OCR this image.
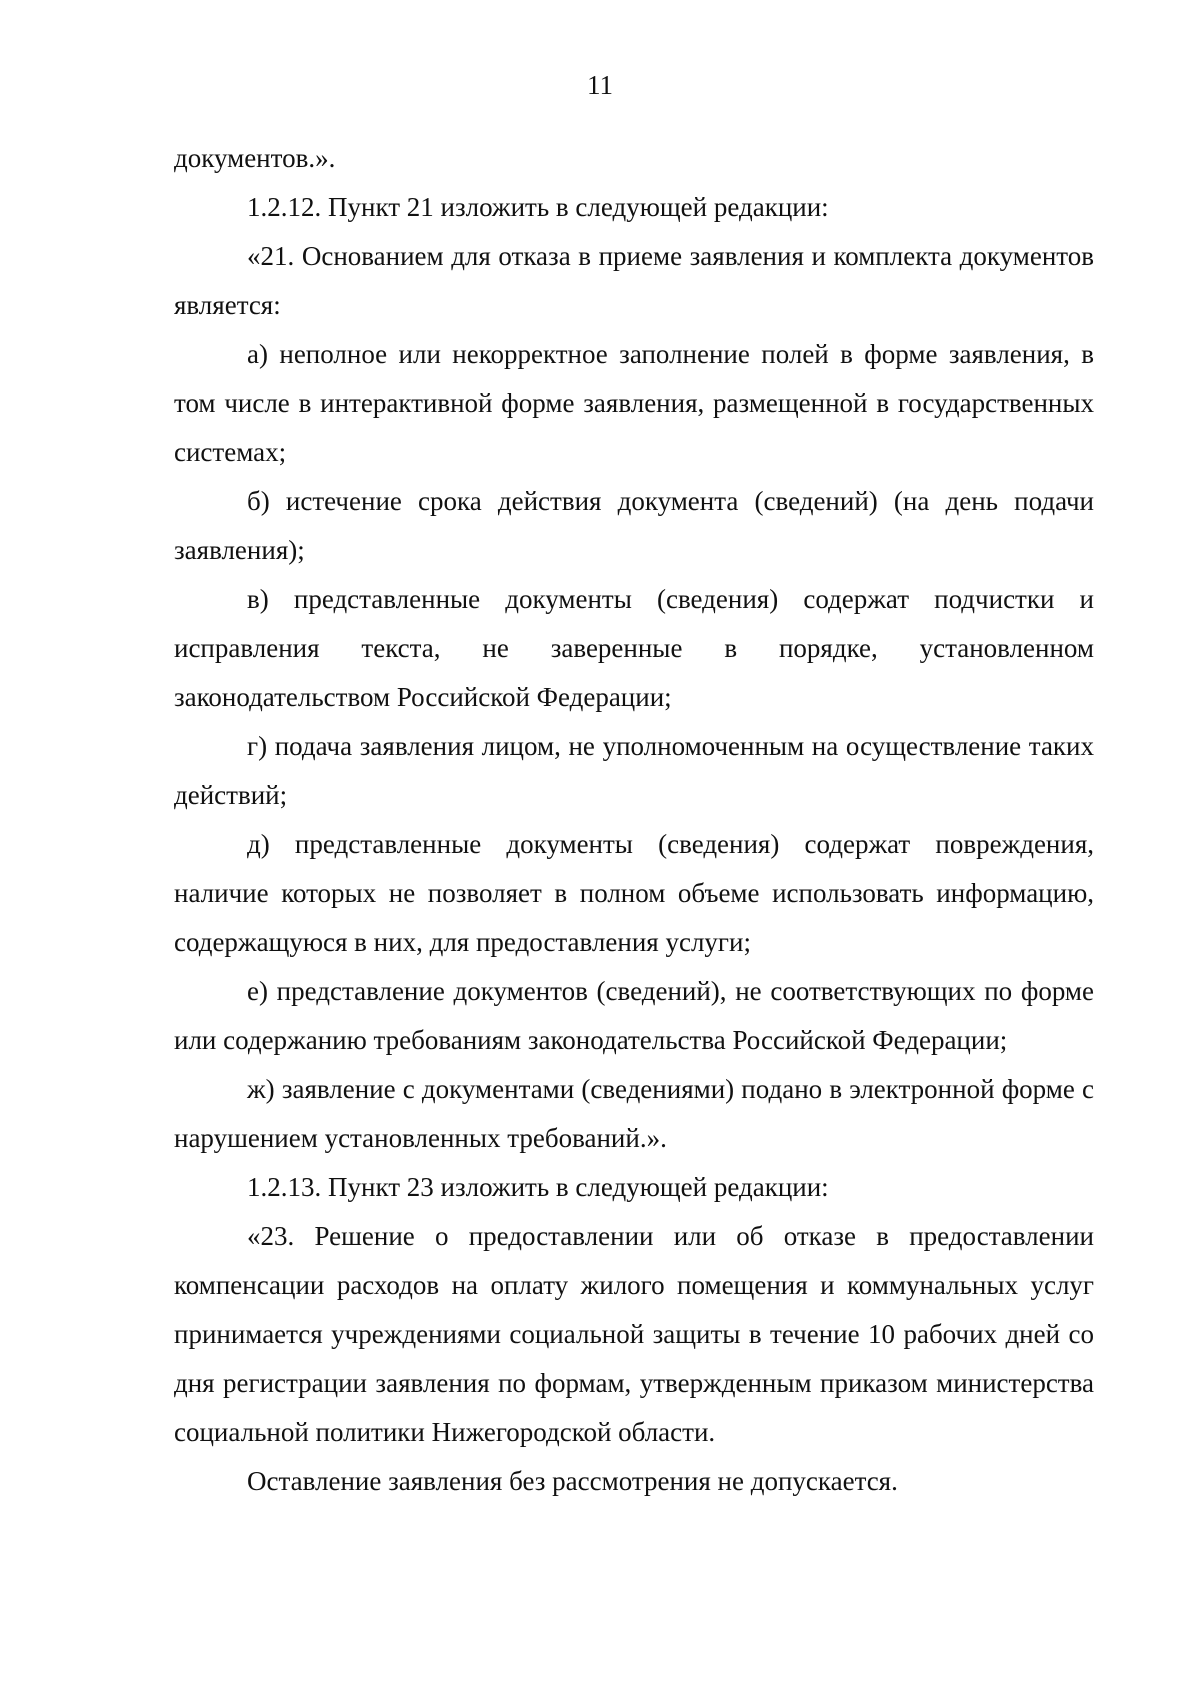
11

документов.».

1.2.12. Пункт 21 изложить в следующей редакции:

«21. Основанием для отказа в приеме заявления и комплекта документов является:

а) неполное или некорректное заполнение полей в форме заявления, в том числе в интерактивной форме заявления, размещенной в государственных системах;

б) истечение срока действия документа (сведений) (на день подачи заявления);

в) представленные документы (сведения) содержат подчистки и исправления текста, не заверенные в порядке, установленном законодательством Российской Федерации;

г) подача заявления лицом, не уполномоченным на осуществление таких действий;

д) представленные документы (сведения) содержат повреждения, наличие которых не позволяет в полном объеме использовать информацию, содержащуюся в них, для предоставления услуги;

е) представление документов (сведений), не соответствующих по форме или содержанию требованиям законодательства Российской Федерации;

ж) заявление с документами (сведениями) подано в электронной форме с нарушением установленных требований.».

1.2.13. Пункт 23 изложить в следующей редакции:

«23. Решение о предоставлении или об отказе в предоставлении компенсации расходов на оплату жилого помещения и коммунальных услуг принимается учреждениями социальной защиты в течение 10 рабочих дней со дня регистрации заявления по формам, утвержденным приказом министерства социальной политики Нижегородской области.

Оставление заявления без рассмотрения не допускается.
